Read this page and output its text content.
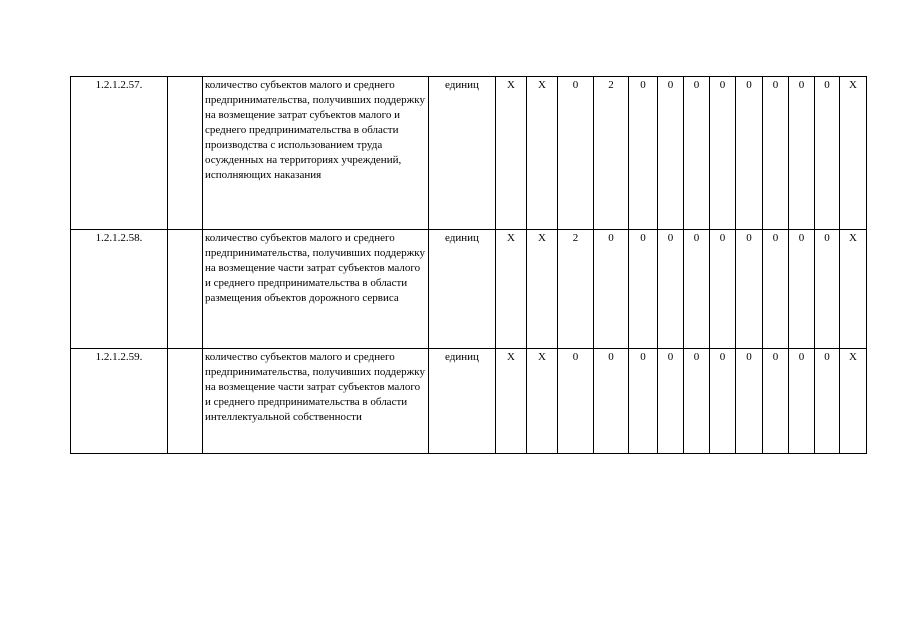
1.2.1.2.57.		количество субъектов малого и среднего предпринимательства, получивших поддержку на возмещение затрат субъектов малого и среднего предпринимательства в области производства с использованием труда осужденных на территориях учреждений, исполняющих наказания	единиц	X	X	0	2	0	0	0	0	0	0	0	0	X
1.2.1.2.58.		количество субъектов малого и среднего предпринимательства, получивших поддержку на возмещение части затрат субъектов малого и среднего предпринимательства в области размещения объектов дорожного сервиса	единиц	X	X	2	0	0	0	0	0	0	0	0	0	X
1.2.1.2.59.		количество субъектов малого и среднего предпринимательства, получивших поддержку на возмещение части затрат субъектов малого и среднего предпринимательства в области интеллектуальной собственности	единиц	X	X	0	0	0	0	0	0	0	0	0	0	X
